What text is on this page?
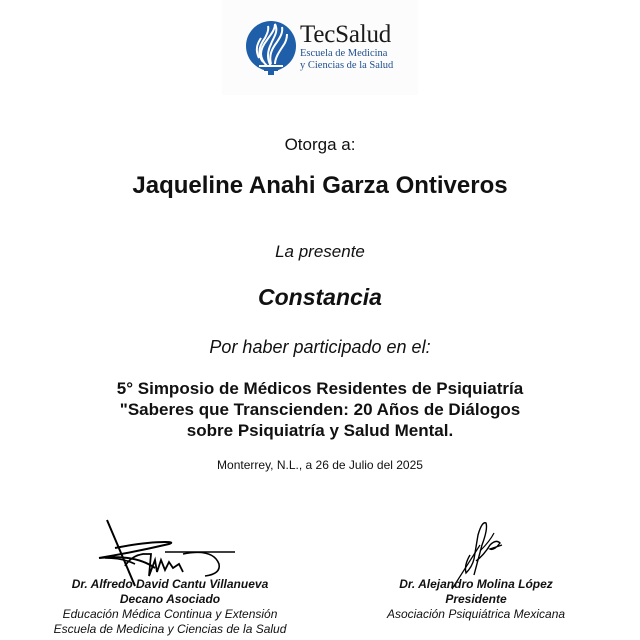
TecSalud
Escuela de Medicina
y Ciencias de la Salud
Otorga a:
Jaqueline Anahi Garza Ontiveros
La presente
Constancia
Por haber participado en el:
5° Simposio de Médicos Residentes de Psiquiatría
"Saberes que Transcienden: 20 Años de Diálogos
sobre Psiquiatría y Salud Mental.
Monterrey, N.L., a 26 de Julio del 2025
Dr. Alfredo David Cantu Villanueva
Decano Asociado
Educación Médica Continua y Extensión
Escuela de Medicina y Ciencias de la Salud
Dr. Alejandro Molina López
Presidente
Asociación Psiquiátrica Mexicana
